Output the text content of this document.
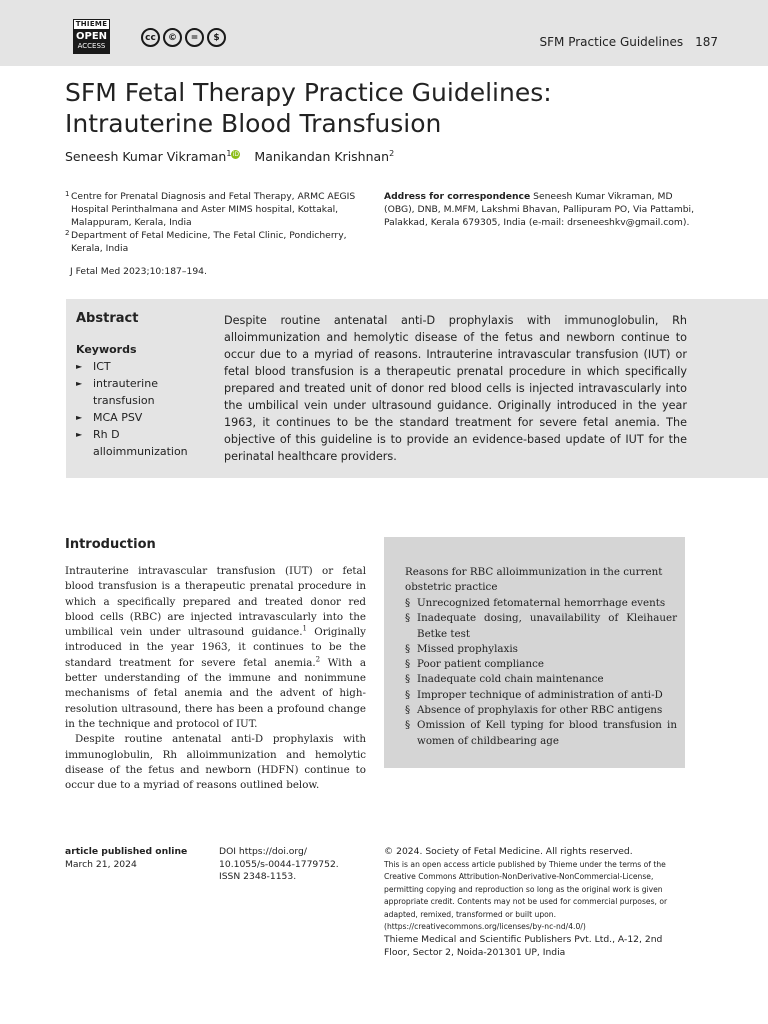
THIEME
OPEN
ACCESS
cc	©	=	$	SFM Practice Guidelines 187
SFM Fetal Therapy Practice Guidelines: Intrauterine Blood Transfusion
Seneesh Kumar Vikraman$^1$iD Manikandan Krishnan$^2$
1 Centre for Prenatal Diagnosis and Fetal Therapy, ARMC AEGIS Hospital Perinthalmana and Aster MIMS hospital, Kottakal, Malappuram, Kerala, India
2 Department of Fetal Medicine, The Fetal Clinic, Pondicherry, Kerala, India
Address for correspondence Seneesh Kumar Vikraman, MD (OBG), DNB, M.MFM, Lakshmi Bhavan, Pallipuram PO, Via Pattambi, Palakkad, Kerala 679305, India (e-mail: drseneeshkv@gmail.com).
J Fetal Med 2023;10:187–194.
Abstract
Keywords
► ICT
► intrauterine transfusion
► MCA PSV
► Rh D alloimmunization

Despite routine antenatal anti-D prophylaxis with immunoglobulin, Rh alloimmunization and hemolytic disease of the fetus and newborn continue to occur due to a myriad of reasons. Intrauterine intravascular transfusion (IUT) or fetal blood transfusion is a therapeutic prenatal procedure in which specifically prepared and treated unit of donor red blood cells is injected intravascularly into the umbilical vein under ultrasound guidance. Originally introduced in the year 1963, it continues to be the standard treatment for severe fetal anemia. The objective of this guideline is to provide an evidence-based update of IUT for the perinatal healthcare providers.

Introduction

Intrauterine intravascular transfusion (IUT) or fetal blood transfusion is a therapeutic prenatal procedure in which a specifically prepared and treated donor red blood cells (RBC) are injected intravascularly into the umbilical vein under ultrasound guidance.$^1$ Originally introduced in the year 1963, it continues to be the standard treatment for severe fetal anemia.$^2$ With a better understanding of the immune and nonimmune mechanisms of fetal anemia and the advent of high-resolution ultrasound, there has been a profound change in the technique and protocol of IUT.

Despite routine antenatal anti-D prophylaxis with immunoglobulin, Rh alloimmunization and hemolytic disease of the fetus and newborn (HDFN) continue to occur due to a myriad of reasons outlined below.

Reasons for RBC alloimmunization in the current obstetric practice

§ Unrecognized fetomaternal hemorrhage events
§ Inadequate dosing, unavailability of Kleihauer Betke test
§ Missed prophylaxis
§ Poor patient compliance
§ Inadequate cold chain maintenance
§ Improper technique of administration of anti-D
§ Absence of prophylaxis for other RBC antigens
§ Omission of Kell typing for blood transfusion in women of childbearing age
article published online
March 21, 2024
DOI https://doi.org/
10.1055/s-0044-1779752.
ISSN 2348-1153.
© 2024. Society of Fetal Medicine. All rights reserved.
This is an open access article published by Thieme under the terms of the Creative Commons Attribution-NonDerivative-NonCommercial-License, permitting copying and reproduction so long as the original work is given appropriate credit. Contents may not be used for commercial purposes, or adapted, remixed, transformed or built upon. (https://creativecommons.org/licenses/by-nc-nd/4.0/)
Thieme Medical and Scientific Publishers Pvt. Ltd., A-12, 2nd Floor, Sector 2, Noida-201301 UP, India
